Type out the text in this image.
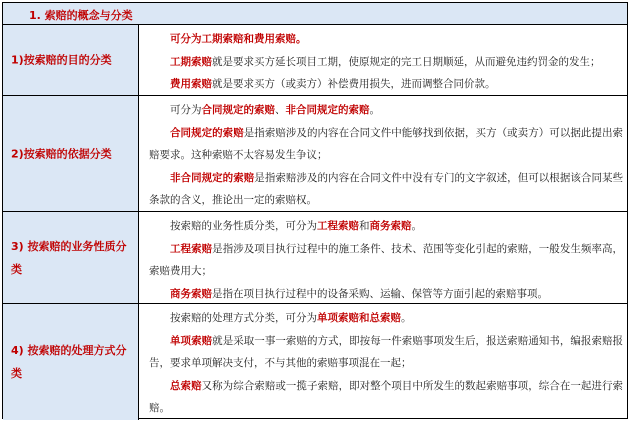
1. 索赔的概念与分类
1)按索赔的目的分类

可分为工期索赔和费用索赔。

工期索赔就是要求买方延长项目工期，使原规定的完工日期顺延，从而避免违约罚金的发生；

费用索赔就是要求买方（或卖方）补偿费用损失，进而调整合同价款。

2)按索赔的依据分类

可分为合同规定的索赔、非合同规定的索赔。

合同规定的索赔是指索赔涉及的内容在合同文件中能够找到依据，买方（或卖方）可以据此提出索赔要求。这种索赔不太容易发生争议；

非合同规定的索赔是指索赔涉及的内容在合同文件中没有专门的文字叙述，但可以根据该合同某些条款的含义，推论出一定的索赔权。

3) 按索赔的业务性质分类

按索赔的业务性质分类，可分为工程索赔和商务索赔。

工程索赔是指涉及项目执行过程中的施工条件、技术、范围等变化引起的索赔，一般发生频率高，索赔费用大；

商务索赔是指在项目执行过程中的设备采购、运输、保管等方面引起的索赔事项。

4) 按索赔的处理方式分类

按索赔的处理方式分类，可分为单项索赔和总索赔。

单项索赔就是采取一事一索赔的方式，即按每一件索赔事项发生后，报送索赔通知书，编报索赔报告，要求单项解决支付，不与其他的索赔事项混在一起；

总索赔又称为综合索赔或一揽子索赔，即对整个项目中所发生的数起索赔事项，综合在一起进行索赔。
